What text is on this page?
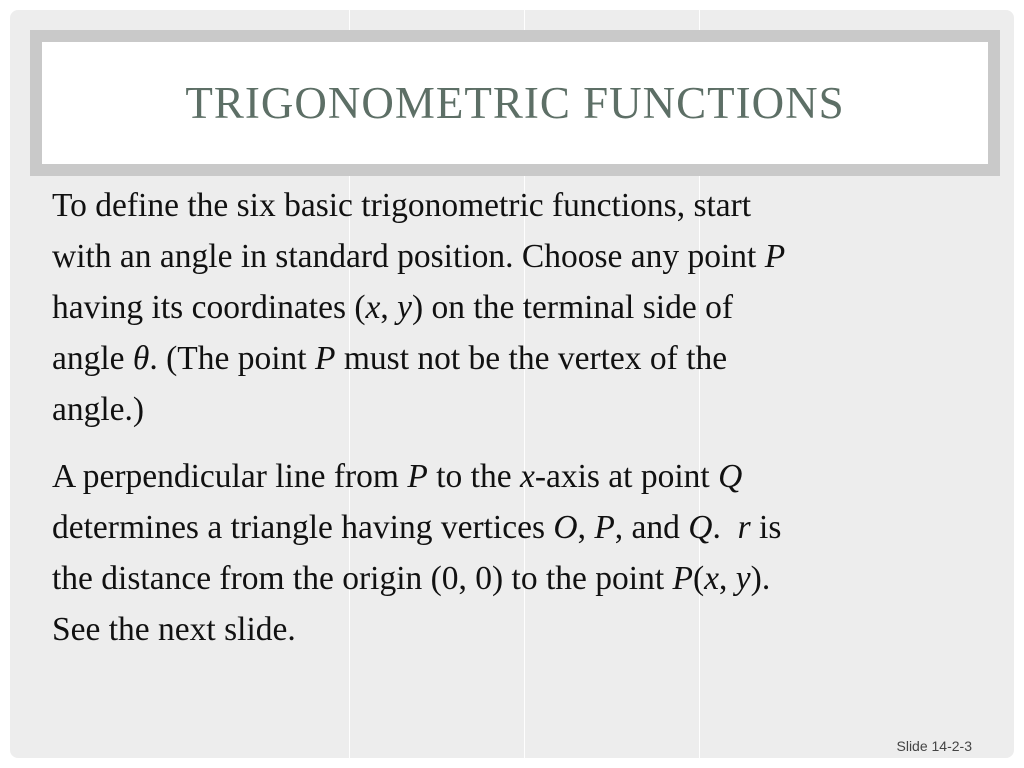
TRIGONOMETRIC FUNCTIONS
To define the six basic trigonometric functions, start
with an angle in standard position. Choose any point P
having its coordinates (x, y) on the terminal side of
angle θ. (The point P must not be the vertex of the
angle.)
A perpendicular line from P to the x-axis at point Q
determines a triangle having vertices O, P, and Q.  r is
the distance from the origin (0, 0) to the point P(x, y).
See the next slide.
Slide 14-2-3
